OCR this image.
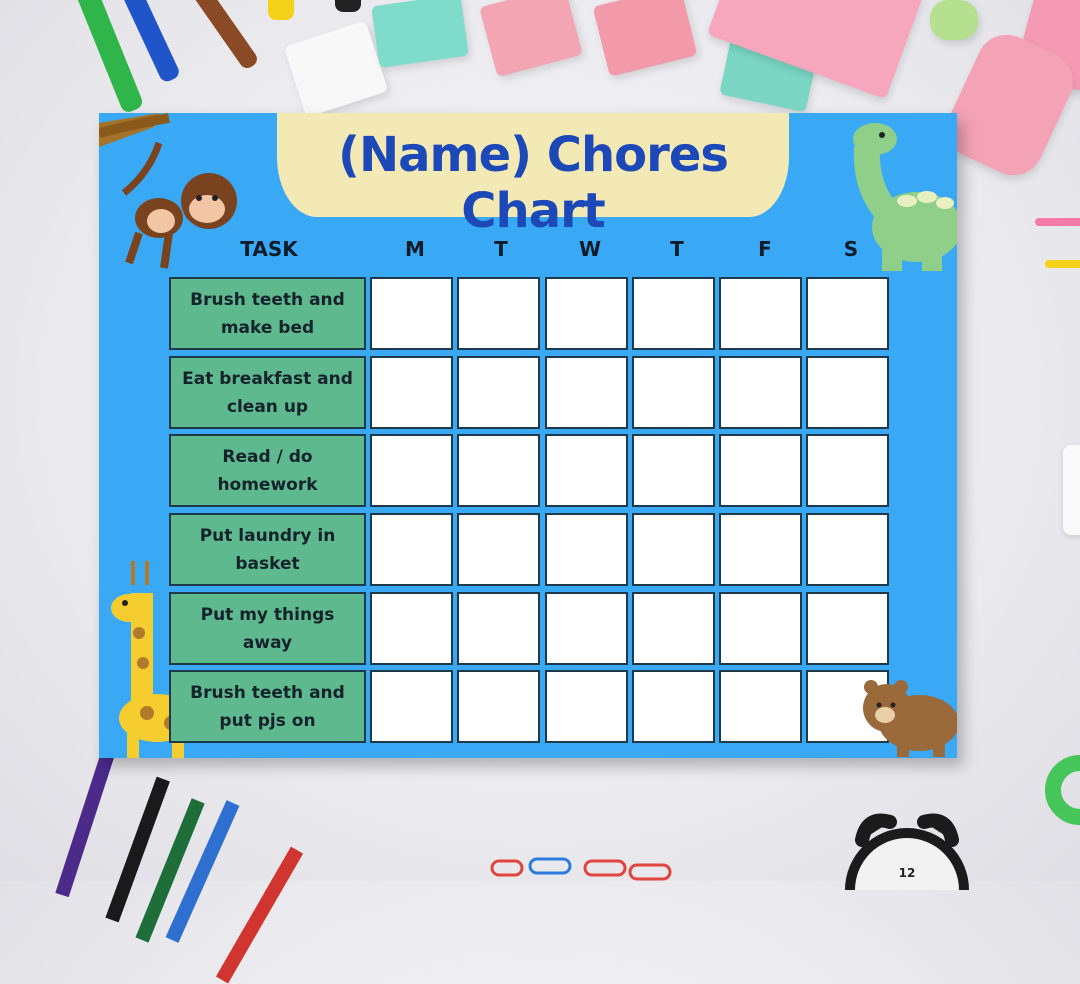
12
(Name) Chores Chart
TASK	M	T	W	T	F	S
Brush teeth and make bed
Eat breakfast and clean up
Read / do homework
Put laundry in basket
Put my things away
Brush teeth and put pjs on
